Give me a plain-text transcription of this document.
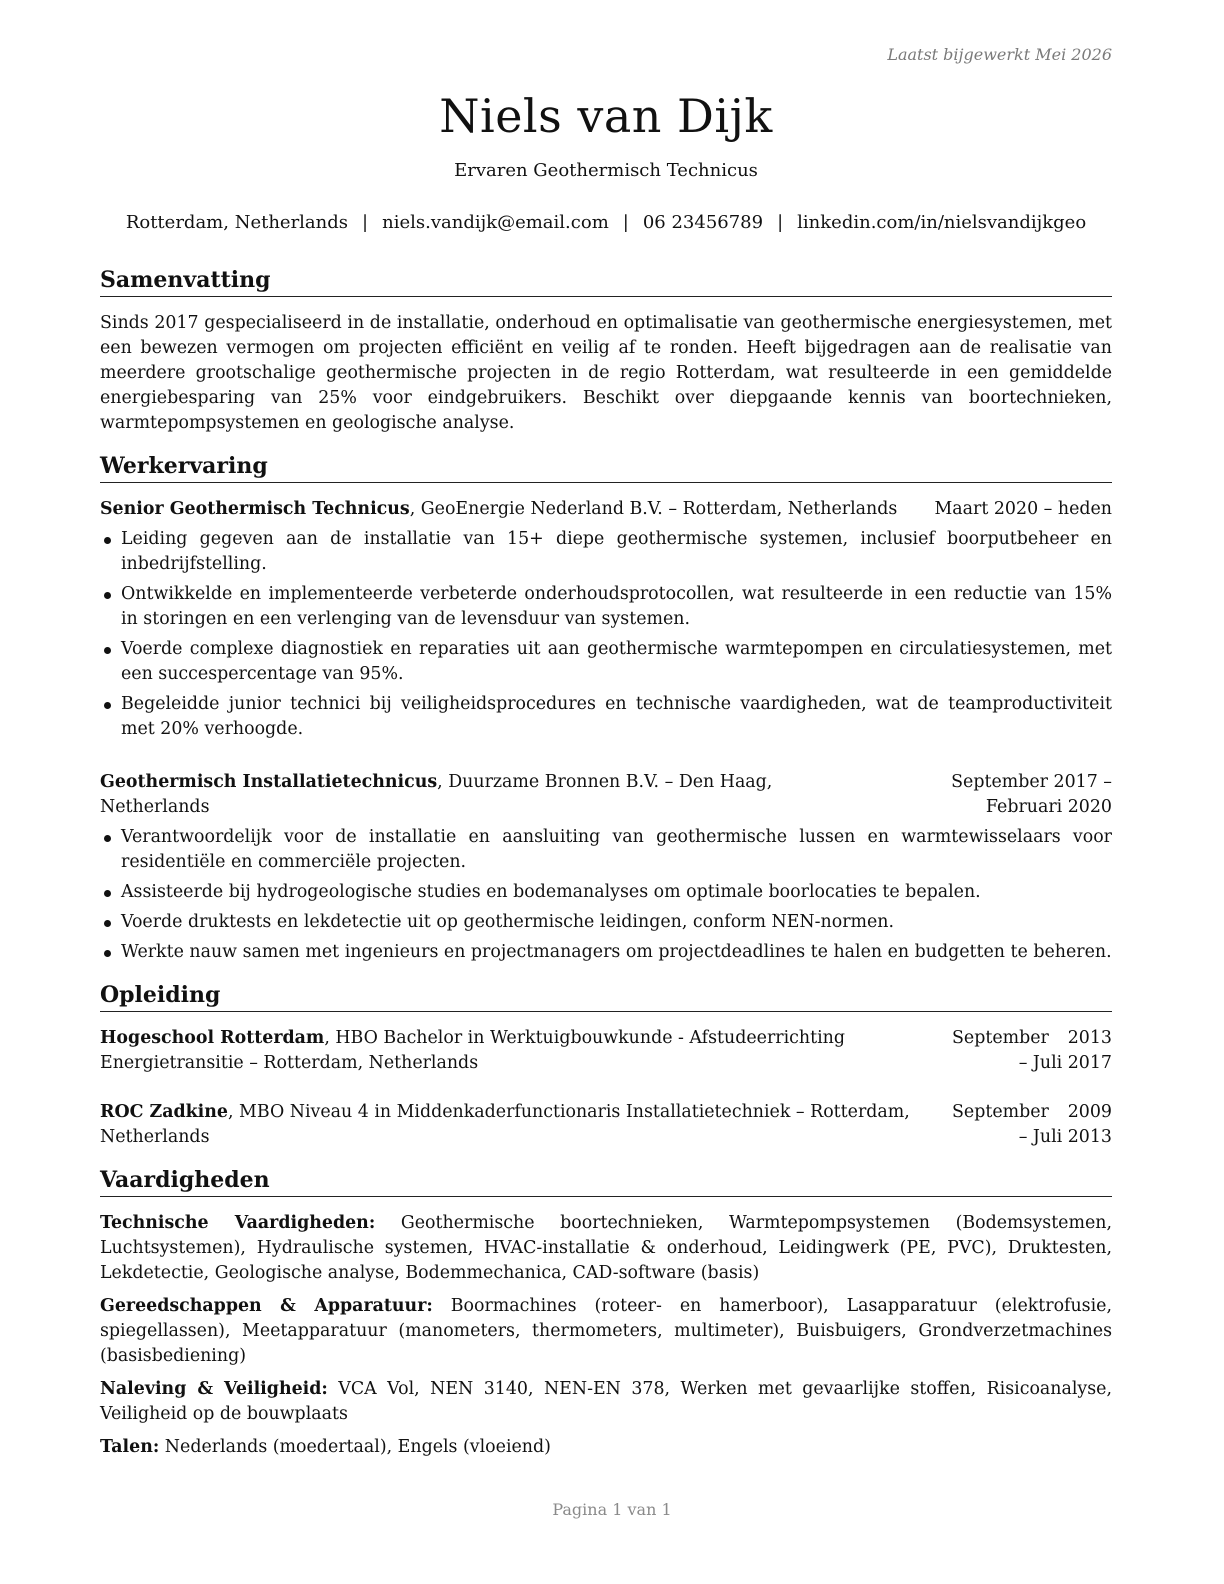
Laatst bijgewerkt Mei 2026
Niels van Dijk
Ervaren Geothermisch Technicus
Rotterdam, Netherlands | niels.vandijk@email.com | 06 23456789 | linkedin.com/in/nielsvandijkgeo
Samenvatting
Sinds 2017 gespecialiseerd in de installatie, onderhoud en optimalisatie van geothermische energiesystemen, met een bewezen vermogen om projecten efficiënt en veilig af te ronden. Heeft bijgedragen aan de realisatie van meerdere grootschalige geothermische projecten in de regio Rotterdam, wat resulteerde in een gemiddelde energiebesparing van 25% voor eindgebruikers. Beschikt over diepgaande kennis van boortechnieken, warmtepompsystemen en geologische analyse.
Werkervaring
Senior Geothermisch Technicus, GeoEnergie Nederland B.V. – Rotterdam, Netherlands	Maart 2020 – heden
Leiding gegeven aan de installatie van 15+ diepe geothermische systemen, inclusief boorputbeheer en inbedrijfstelling.
Ontwikkelde en implementeerde verbeterde onderhoudsprotocollen, wat resulteerde in een reductie van 15% in storingen en een verlenging van de levensduur van systemen.
Voerde complexe diagnostiek en reparaties uit aan geothermische warmtepompen en circulatiesystemen, met een succespercentage van 95%.
Begeleidde junior technici bij veiligheidsprocedures en technische vaardigheden, wat de teamproductiviteit met 20% verhoogde.
Geothermisch Installatietechnicus, Duurzame Bronnen B.V. – Den Haag, Netherlands
September 2017 – Februari 2020
Verantwoordelijk voor de installatie en aansluiting van geothermische lussen en warmtewisselaars voor residentiële en commerciële projecten.
Assisteerde bij hydrogeologische studies en bodemanalyses om optimale boorlocaties te bepalen.
Voerde druktests en lekdetectie uit op geothermische leidingen, conform NEN-normen.
Werkte nauw samen met ingenieurs en projectmanagers om projectdeadlines te halen en budgetten te beheren.
Opleiding
Hogeschool Rotterdam, HBO Bachelor in Werktuigbouwkunde - Afstudeerrichting Energietransitie – Rotterdam, Netherlands
September 2013 – Juli 2017
ROC Zadkine, MBO Niveau 4 in Middenkaderfunctionaris Installatietechniek – Rotterdam, Netherlands
September 2009 – Juli 2013
Vaardigheden
Technische Vaardigheden: Geothermische boortechnieken, Warmtepompsystemen (Bodemsystemen, Luchtsystemen), Hydraulische systemen, HVAC-installatie & onderhoud, Leidingwerk (PE, PVC), Druktesten, Lekdetectie, Geologische analyse, Bodemmechanica, CAD-software (basis)
Gereedschappen & Apparatuur: Boormachines (roteer- en hamerboor), Lasapparatuur (elektrofusie, spiegellassen), Meetapparatuur (manometers, thermometers, multimeter), Buisbuigers, Grondverzetmachines (basisbediening)
Naleving & Veiligheid: VCA Vol, NEN 3140, NEN-EN 378, Werken met gevaarlijke stoffen, Risicoanalyse, Veiligheid op de bouwplaats
Talen: Nederlands (moedertaal), Engels (vloeiend)
Pagina 1 van 1
